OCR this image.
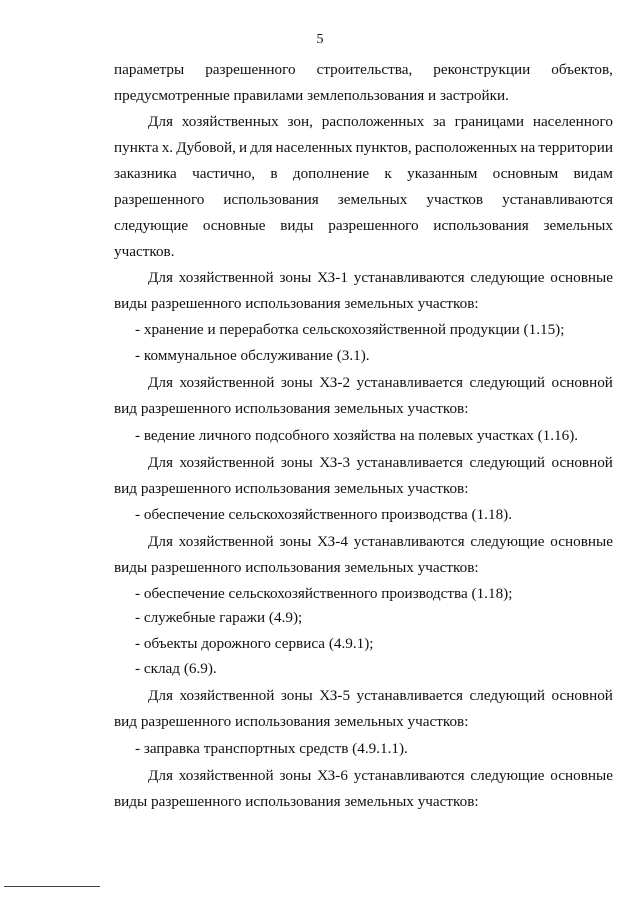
5
параметры разрешенного строительства, реконструкции объектов,
предусмотренные правилами землепользования и застройки.
Для хозяйственных зон, расположенных за границами населенного
пункта х. Дубовой, и для населенных пунктов, расположенных на территории
заказника частично, в дополнение к указанным основным видам
разрешенного использования земельных участков устанавливаются
следующие основные виды разрешенного использования земельных
участков.
Для хозяйственной зоны ХЗ-1 устанавливаются следующие основные
виды разрешенного использования земельных участков:
- хранение и переработка сельскохозяйственной продукции (1.15);
- коммунальное обслуживание (3.1).
Для хозяйственной зоны ХЗ-2 устанавливается следующий основной
вид разрешенного использования земельных участков:
- ведение личного подсобного хозяйства на полевых участках (1.16).
Для хозяйственной зоны ХЗ-3 устанавливается следующий основной
вид разрешенного использования земельных участков:
- обеспечение сельскохозяйственного производства (1.18).
Для хозяйственной зоны ХЗ-4 устанавливаются следующие основные
виды разрешенного использования земельных участков:
- обеспечение сельскохозяйственного производства (1.18);
- служебные гаражи (4.9);
- объекты дорожного сервиса (4.9.1);
- склад (6.9).
Для хозяйственной зоны ХЗ-5 устанавливается следующий основной
вид разрешенного использования земельных участков:
- заправка транспортных средств (4.9.1.1).
Для хозяйственной зоны ХЗ-6 устанавливаются следующие основные
виды разрешенного использования земельных участков:
